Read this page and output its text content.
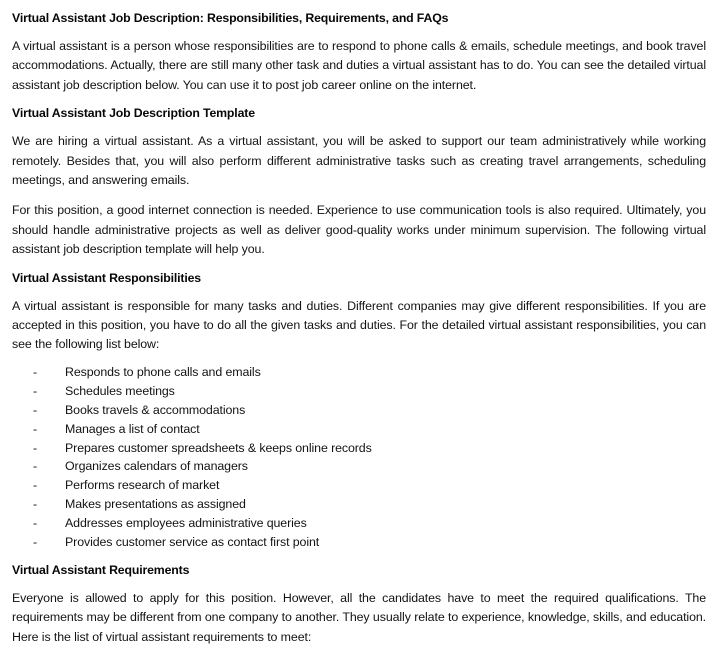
Virtual Assistant Job Description: Responsibilities, Requirements, and FAQs

A virtual assistant is a person whose responsibilities are to respond to phone calls & emails, schedule meetings, and book travel accommodations. Actually, there are still many other task and duties a virtual assistant has to do. You can see the detailed virtual assistant job description below. You can use it to post job career online on the internet.

Virtual Assistant Job Description Template

We are hiring a virtual assistant. As a virtual assistant, you will be asked to support our team administratively while working remotely. Besides that, you will also perform different administrative tasks such as creating travel arrangements, scheduling meetings, and answering emails.

For this position, a good internet connection is needed. Experience to use communication tools is also required. Ultimately, you should handle administrative projects as well as deliver good-quality works under minimum supervision. The following virtual assistant job description template will help you.

Virtual Assistant Responsibilities

A virtual assistant is responsible for many tasks and duties. Different companies may give different responsibilities. If you are accepted in this position, you have to do all the given tasks and duties. For the detailed virtual assistant responsibilities, you can see the following list below:

- Responds to phone calls and emails
- Schedules meetings
- Books travels & accommodations
- Manages a list of contact
- Prepares customer spreadsheets & keeps online records
- Organizes calendars of managers
- Performs research of market
- Makes presentations as assigned
- Addresses employees administrative queries
- Provides customer service as contact first point
Virtual Assistant Requirements

Everyone is allowed to apply for this position. However, all the candidates have to meet the required qualifications. The requirements may be different from one company to another. They usually relate to experience, knowledge, skills, and education. Here is the list of virtual assistant requirements to meet:
